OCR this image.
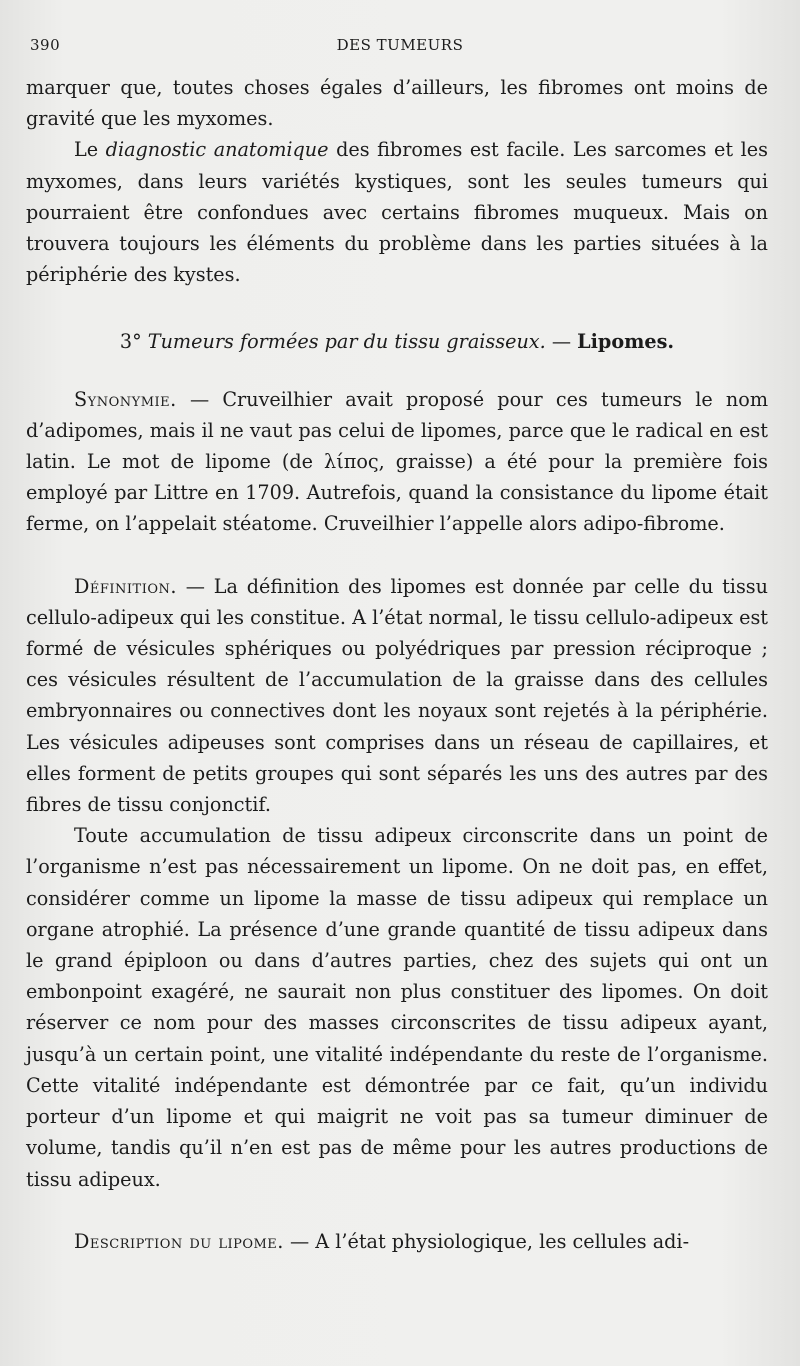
390	DES TUMEURS

marquer que, toutes choses égales d’ailleurs, les fibromes ont moins de gravité que les myxomes.

Le diagnostic anatomique des fibromes est facile. Les sarcomes et les myxomes, dans leurs variétés kystiques, sont les seules tumeurs qui pourraient être confondues avec certains fibromes muqueux. Mais on trouvera toujours les éléments du problème dans les parties situées à la périphérie des kystes.

3° Tumeurs formées par du tissu graisseux. — Lipomes.

Synonymie. — Cruveilhier avait proposé pour ces tumeurs le nom d’adipomes, mais il ne vaut pas celui de lipomes, parce que le radical en est latin. Le mot de lipome (de λίπος, graisse) a été pour la première fois employé par Littre en 1709. Autrefois, quand la consistance du lipome était ferme, on l’appelait stéatome. Cruveilhier l’appelle alors adipo-fibrome.

Définition. — La définition des lipomes est donnée par celle du tissu cellulo-adipeux qui les constitue. A l’état normal, le tissu cellulo-adipeux est formé de vésicules sphériques ou polyédriques par pression réciproque ; ces vésicules résultent de l’accumulation de la graisse dans des cellules embryonnaires ou connectives dont les noyaux sont rejetés à la périphérie. Les vésicules adipeuses sont comprises dans un réseau de capillaires, et elles forment de petits groupes qui sont séparés les uns des autres par des fibres de tissu conjonctif.

Toute accumulation de tissu adipeux circonscrite dans un point de l’organisme n’est pas nécessairement un lipome. On ne doit pas, en effet, considérer comme un lipome la masse de tissu adipeux qui remplace un organe atrophié. La présence d’une grande quantité de tissu adipeux dans le grand épiploon ou dans d’autres parties, chez des sujets qui ont un embonpoint exagéré, ne saurait non plus constituer des lipomes. On doit réserver ce nom pour des masses circonscrites de tissu adipeux ayant, jusqu’à un certain point, une vitalité indépendante du reste de l’organisme. Cette vitalité indépendante est démontrée par ce fait, qu’un individu porteur d’un lipome et qui maigrit ne voit pas sa tumeur diminuer de volume, tandis qu’il n’en est pas de même pour les autres productions de tissu adipeux.

Description du lipome. — A l’état physiologique, les cellules adi-
